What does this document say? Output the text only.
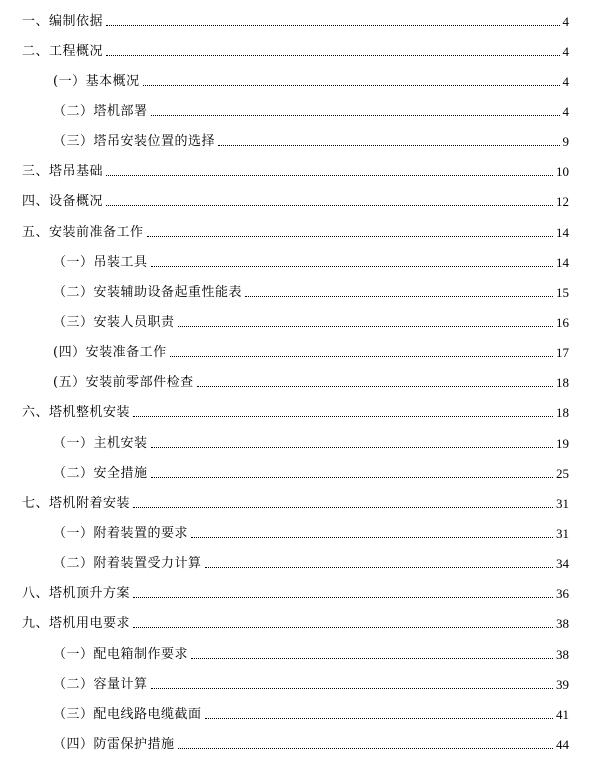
一、编制依据	4
二、工程概况	4
(一）基本概况	4
（二）塔机部署	4
（三）塔吊安装位置的选择	9
三、塔吊基础	10
四、设备概况	12
五、安装前准备工作	14
（一）吊装工具	14
（二）安装辅助设备起重性能表	15
（三）安装人员职责	16
(四）安装准备工作	17
(五）安装前零部件检查	18
六、塔机整机安装	18
（一）主机安装	19
（二）安全措施	25
七、塔机附着安装	31
（一）附着装置的要求	31
（二）附着装置受力计算	34
八、塔机顶升方案	36
九、塔机用电要求	38
（一）配电箱制作要求	38
（二）容量计算	39
（三）配电线路电缆截面	41
（四）防雷保护措施	44
